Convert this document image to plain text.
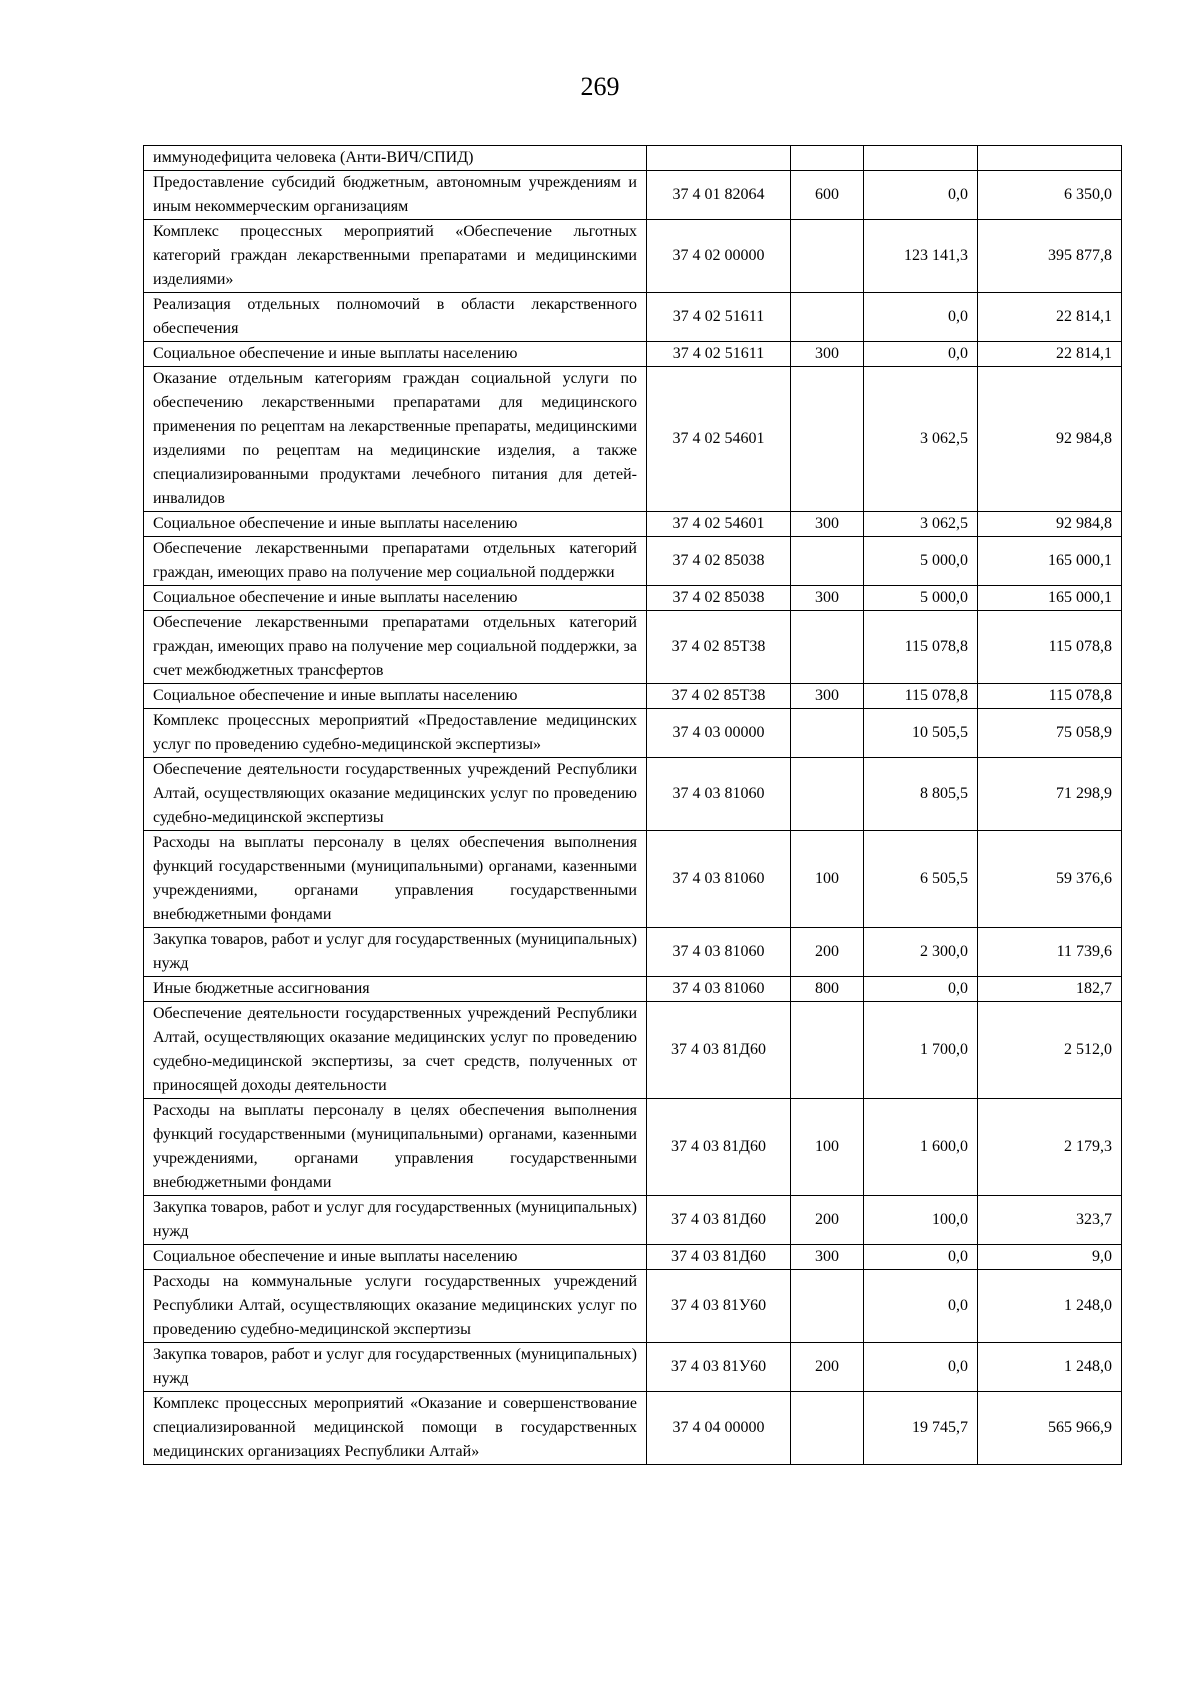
269
иммунодефицита человека (Анти-ВИЧ/СПИД)				
Предоставление субсидий бюджетным, автономным учреждениям и иным некоммерческим организациям	37 4 01 82064	600	0,0	6 350,0
Комплекс процессных мероприятий «Обеспечение льготных категорий граждан лекарственными препаратами и медицинскими изделиями»	37 4 02 00000		123 141,3	395 877,8
Реализация отдельных полномочий в области лекарственного обеспечения	37 4 02 51611		0,0	22 814,1
Социальное обеспечение и иные выплаты населению	37 4 02 51611	300	0,0	22 814,1
Оказание отдельным категориям граждан социальной услуги по обеспечению лекарственными препаратами для медицинского применения по рецептам на лекарственные препараты, медицинскими изделиями по рецептам на медицинские изделия, а также специализированными продуктами лечебного питания для детей-инвалидов	37 4 02 54601		3 062,5	92 984,8
Социальное обеспечение и иные выплаты населению	37 4 02 54601	300	3 062,5	92 984,8
Обеспечение лекарственными препаратами отдельных категорий граждан, имеющих право на получение мер социальной поддержки	37 4 02 85038		5 000,0	165 000,1
Социальное обеспечение и иные выплаты населению	37 4 02 85038	300	5 000,0	165 000,1
Обеспечение лекарственными препаратами отдельных категорий граждан, имеющих право на получение мер социальной поддержки, за счет межбюджетных трансфертов	37 4 02 85Т38		115 078,8	115 078,8
Социальное обеспечение и иные выплаты населению	37 4 02 85Т38	300	115 078,8	115 078,8
Комплекс процессных мероприятий «Предоставление медицинских услуг по проведению судебно-медицинской экспертизы»	37 4 03 00000		10 505,5	75 058,9
Обеспечение деятельности государственных учреждений Республики Алтай, осуществляющих оказание медицинских услуг по проведению судебно-медицинской экспертизы	37 4 03 81060		8 805,5	71 298,9
Расходы на выплаты персоналу в целях обеспечения выполнения функций государственными (муниципальными) органами, казенными учреждениями, органами управления государственными внебюджетными фондами	37 4 03 81060	100	6 505,5	59 376,6
Закупка товаров, работ и услуг для государственных (муниципальных) нужд	37 4 03 81060	200	2 300,0	11 739,6
Иные бюджетные ассигнования	37 4 03 81060	800	0,0	182,7
Обеспечение деятельности государственных учреждений Республики Алтай, осуществляющих оказание медицинских услуг по проведению судебно-медицинской экспертизы, за счет средств, полученных от приносящей доходы деятельности	37 4 03 81Д60		1 700,0	2 512,0
Расходы на выплаты персоналу в целях обеспечения выполнения функций государственными (муниципальными) органами, казенными учреждениями, органами управления государственными внебюджетными фондами	37 4 03 81Д60	100	1 600,0	2 179,3
Закупка товаров, работ и услуг для государственных (муниципальных) нужд	37 4 03 81Д60	200	100,0	323,7
Социальное обеспечение и иные выплаты населению	37 4 03 81Д60	300	0,0	9,0
Расходы на коммунальные услуги государственных учреждений Республики Алтай, осуществляющих оказание медицинских услуг по проведению судебно-медицинской экспертизы	37 4 03 81У60		0,0	1 248,0
Закупка товаров, работ и услуг для государственных (муниципальных) нужд	37 4 03 81У60	200	0,0	1 248,0
Комплекс процессных мероприятий «Оказание и совершенствование специализированной медицинской помощи в государственных медицинских организациях Республики Алтай»	37 4 04 00000		19 745,7	565 966,9
